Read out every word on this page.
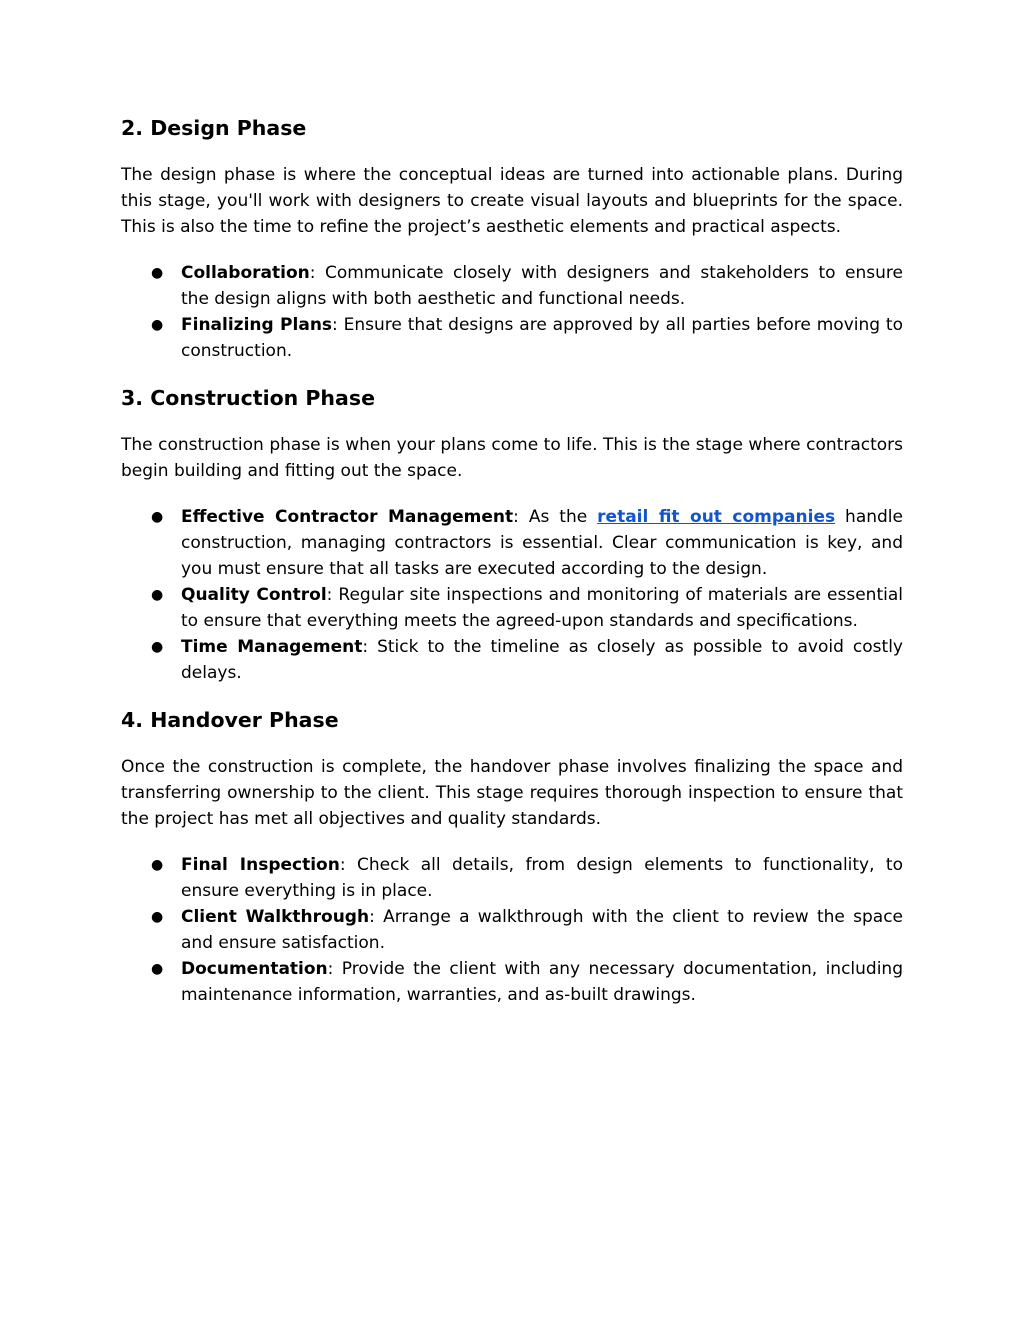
2. Design Phase

The design phase is where the conceptual ideas are turned into actionable plans. During this stage, you'll work with designers to create visual layouts and blueprints for the space. This is also the time to refine the project’s aesthetic elements and practical aspects.

● Collaboration: Communicate closely with designers and stakeholders to ensure the design aligns with both aesthetic and functional needs.
● Finalizing Plans: Ensure that designs are approved by all parties before moving to construction.
3. Construction Phase

The construction phase is when your plans come to life. This is the stage where contractors begin building and fitting out the space.

● Effective Contractor Management: As the retail fit out companies handle construction, managing contractors is essential. Clear communication is key, and you must ensure that all tasks are executed according to the design.
● Quality Control: Regular site inspections and monitoring of materials are essential to ensure that everything meets the agreed-upon standards and specifications.
● Time Management: Stick to the timeline as closely as possible to avoid costly delays.
4. Handover Phase

Once the construction is complete, the handover phase involves finalizing the space and transferring ownership to the client. This stage requires thorough inspection to ensure that the project has met all objectives and quality standards.

● Final Inspection: Check all details, from design elements to functionality, to ensure everything is in place.
● Client Walkthrough: Arrange a walkthrough with the client to review the space and ensure satisfaction.
● Documentation: Provide the client with any necessary documentation, including maintenance information, warranties, and as-built drawings.
